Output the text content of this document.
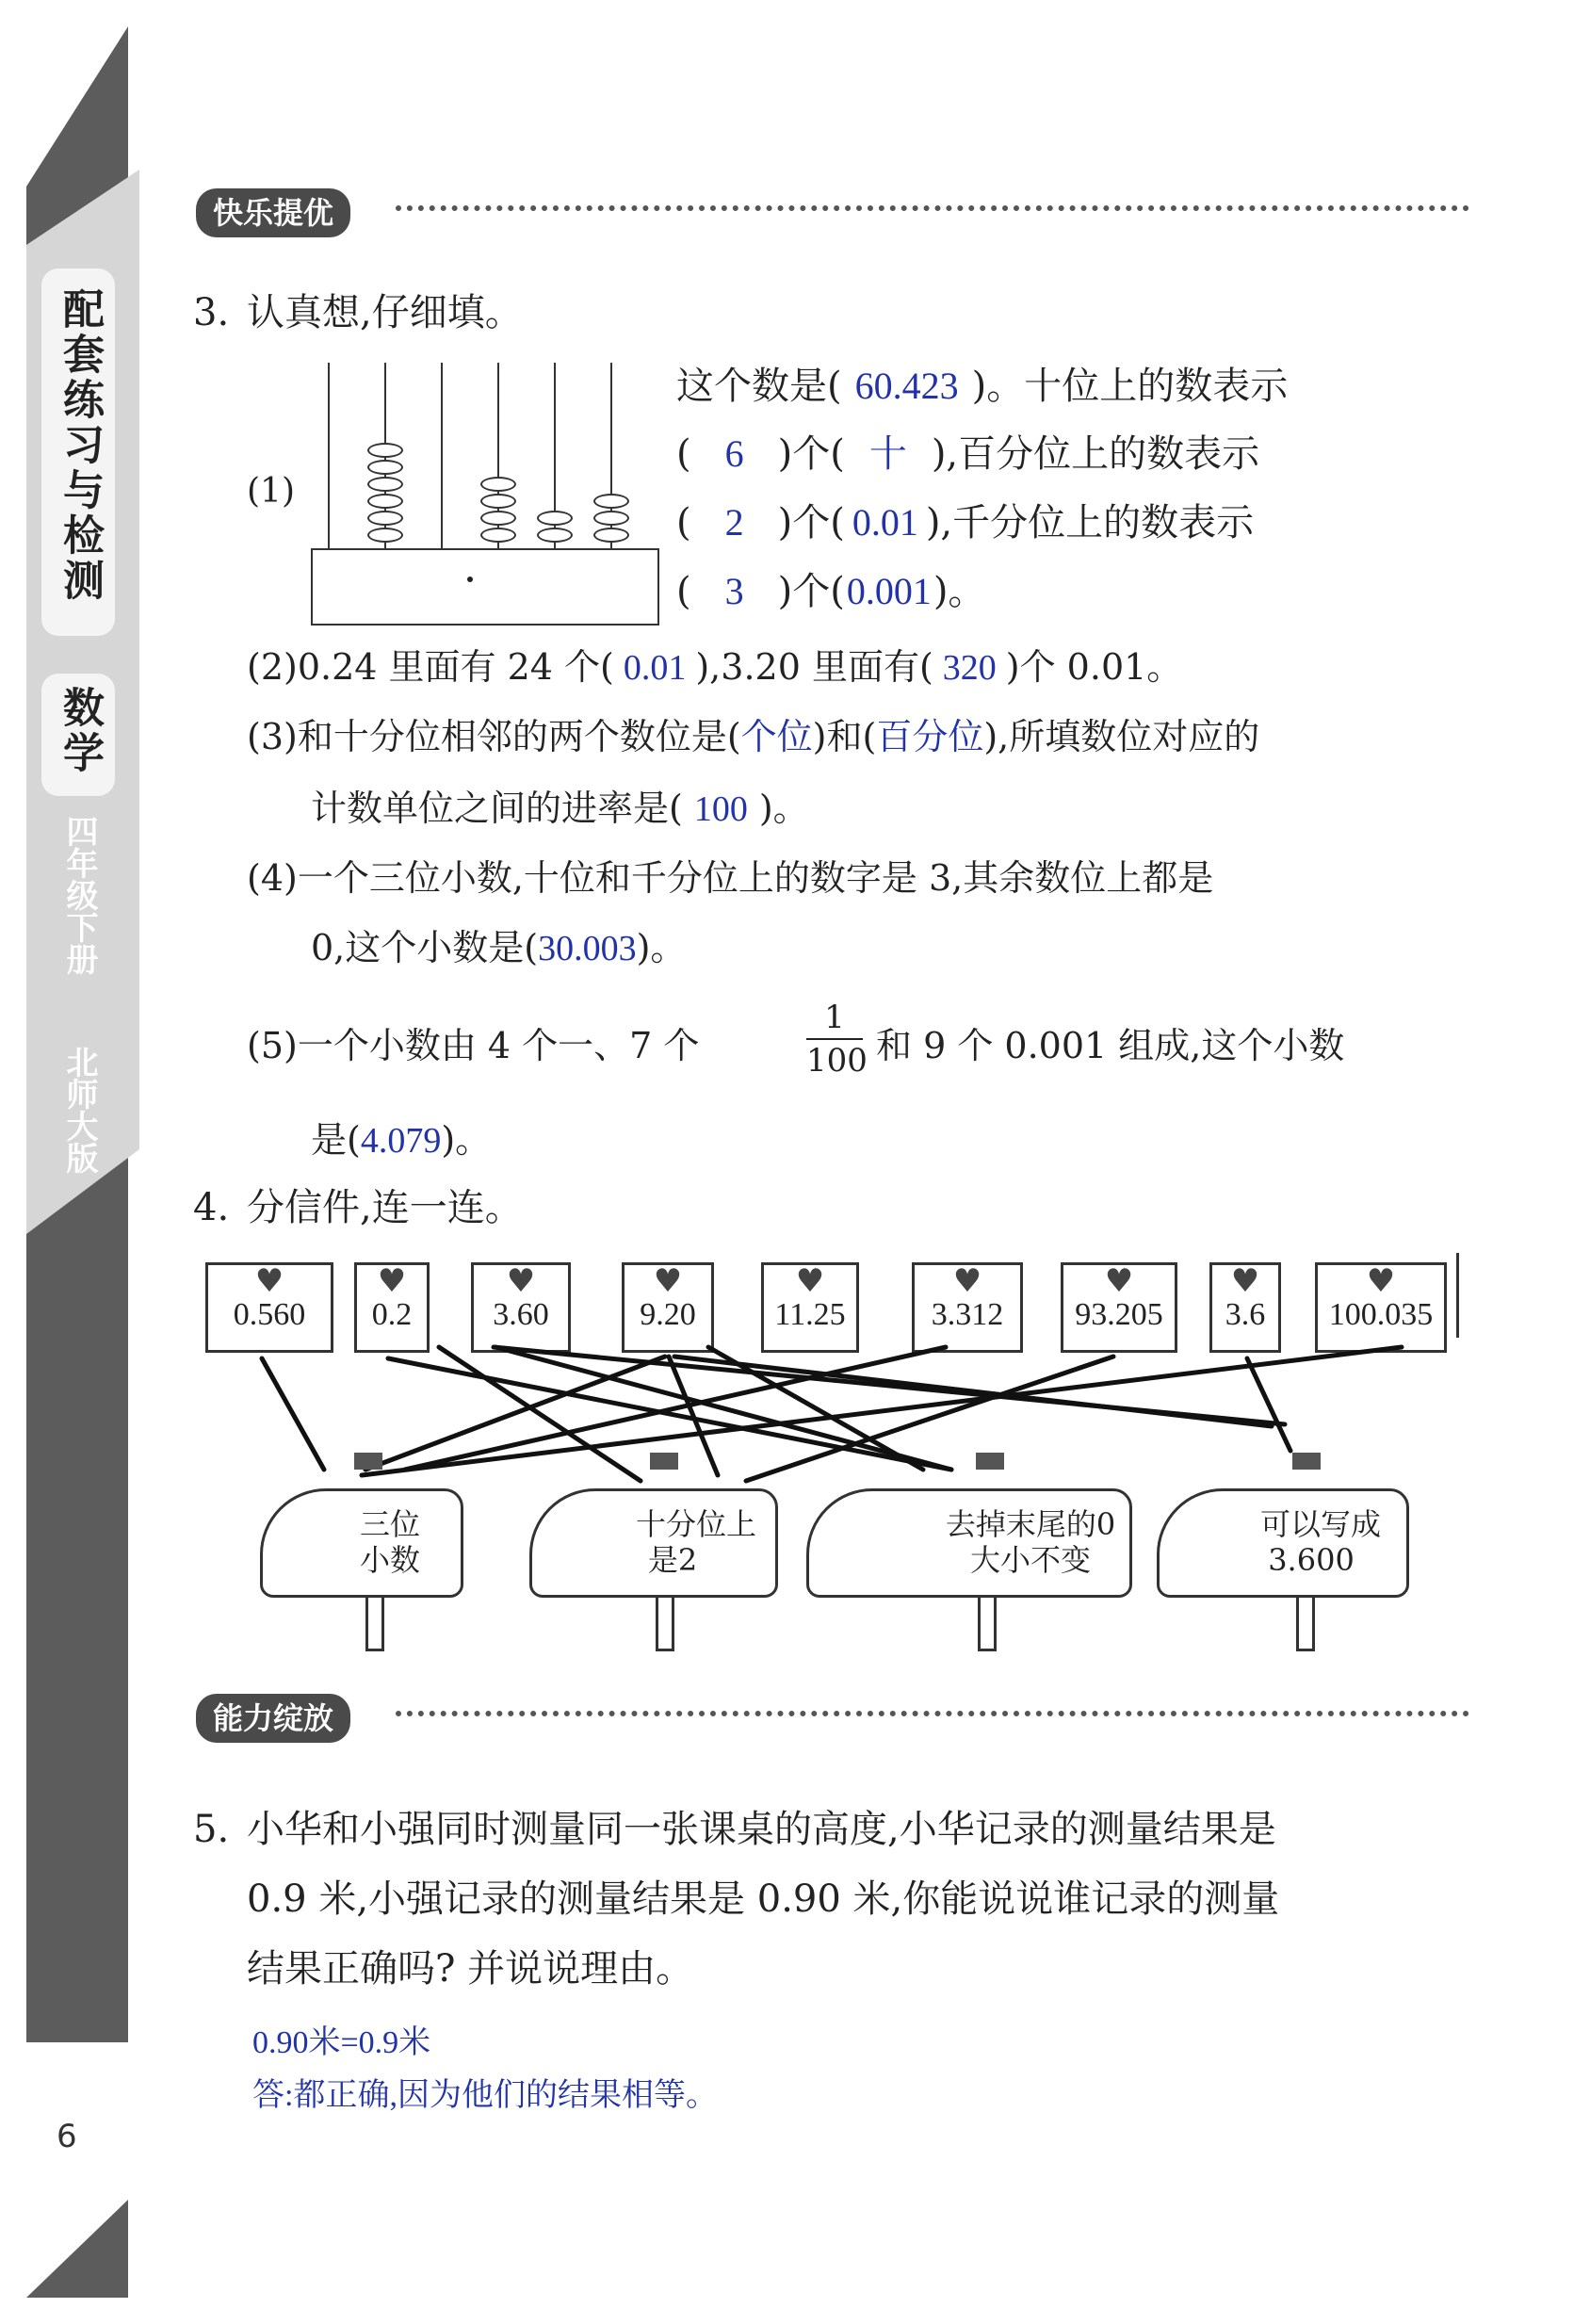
配套练习与检测
数学
四年级下册
北师大版
6
快乐提优
3. 认真想,仔细填。
(1)
这个数是( 60.423 )。十位上的数表示
( 6 )个( 十 ),百分位上的数表示
( 2 )个( 0.01 ),千分位上的数表示
( 3 )个(0.001)。
(2)0.24 里面有 24 个( 0.01 ),3.20 里面有( 320 )个 0.01。
(3)和十分位相邻的两个数位是(个位)和(百分位),所填数位对应的
计数单位之间的进率是( 100 )。
(4)一个三位小数,十位和千分位上的数字是 3,其余数位上都是
0,这个小数是(30.003)。
(5)一个小数由 4 个一、7 个
1
100 和 9 个 0.001 组成,这个小数
是(4.079)。
4. 分信件,连一连。
♥
0.560
♥
0.2
♥
3.60
♥
9.20
♥
11.25
♥
3.312
♥
93.205
♥
3.6
♥
100.035
三位
小数
十分位上
是2
去掉末尾的0
大小不变
可以写成
3.600
能力绽放
5. 小华和小强同时测量同一张课桌的高度,小华记录的测量结果是
0.9 米,小强记录的测量结果是 0.90 米,你能说说谁记录的测量
结果正确吗? 并说说理由。
0.90米=0.9米
答:都正确,因为他们的结果相等。
